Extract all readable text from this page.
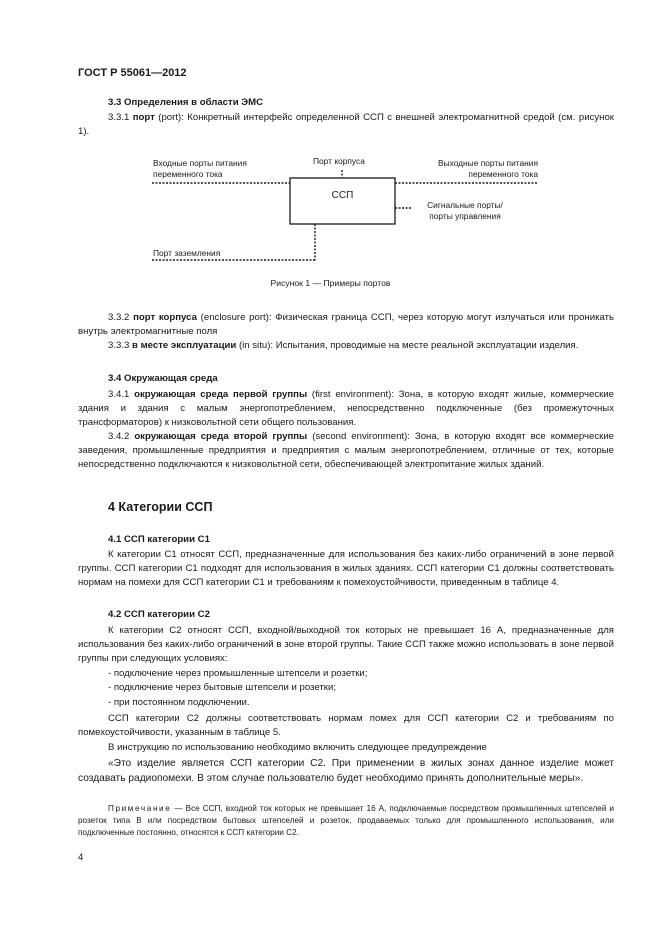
ГОСТ Р 55061—2012

3.3 Определения в области ЭМС

3.3.1 порт (port): Конкретный интерфейс определенной ССП с внешней электромагнитной средой (см. рисунок 1).

Входные порты питания переменного тока
Порт корпуса	Выходные порты питания переменного тока
ССП
Сигнальные порты/ порты управления
Порт заземления
Рисунок 1 — Примеры портов

3.3.2 порт корпуса (enclosure port): Физическая граница ССП, через которую могут излучаться или проникать внутрь электромагнитные поля

3.3.3 в месте эксплуатации (in situ): Испытания, проводимые на месте реальной эксплуатации изделия.

3.4 Окружающая среда

3.4.1 окружающая среда первой группы (first environment): Зона, в которую входят жилые, коммерческие здания и здания с малым энергопотреблением, непосредственно подключенные (без промежуточных трансформаторов) к низковольтной сети общего пользования.

3.4.2 окружающая среда второй группы (second environment): Зона, в которую входят все коммерческие заведения, промышленные предприятия и предприятия с малым энергопотреблением, отличные от тех, которые непосредственно подключаются к низковольтной сети, обеспечивающей электропитание жилых зданий.

4 Категории ССП

4.1 ССП категории С1

К категории С1 относят ССП, предназначенные для использования без каких-либо ограничений в зоне первой группы. ССП категории С1 подходят для использования в жилых зданиях. ССП категории С1 должны соответствовать нормам на помехи для ССП категории С1 и требованиям к помехоустойчивости, приведенным в таблице 4.

4.2 ССП категории С2

К категории С2 относят ССП, входной/выходной ток которых не превышает 16 А, предназначенные для использования без каких-либо ограничений в зоне второй группы. Такие ССП также можно использовать в зоне первой группы при следующих условиях:

- подключение через промышленные штепсели и розетки;

- подключение через бытовые штепсели и розетки;

- при постоянном подключении.

ССП категории С2 должны соответствовать нормам помех для ССП категории С2 и требованиям по помехоустойчивости, указанным в таблице 5.

В инструкцию по использованию необходимо включить следующее предупреждение

«Это изделие является ССП категории С2. При применении в жилых зонах данное изделие может создавать радиопомехи. В этом случае пользователю будет необходимо принять дополнительные меры».

Примечание — Все ССП, входной ток которых не превышает 16 А, подключаемые посредством промышленных штепселей и розеток типа В или посредством бытовых штепселей и розеток, продаваемых только для промышленного использования, или подключенные постоянно, относятся к ССП категории С2.

4
